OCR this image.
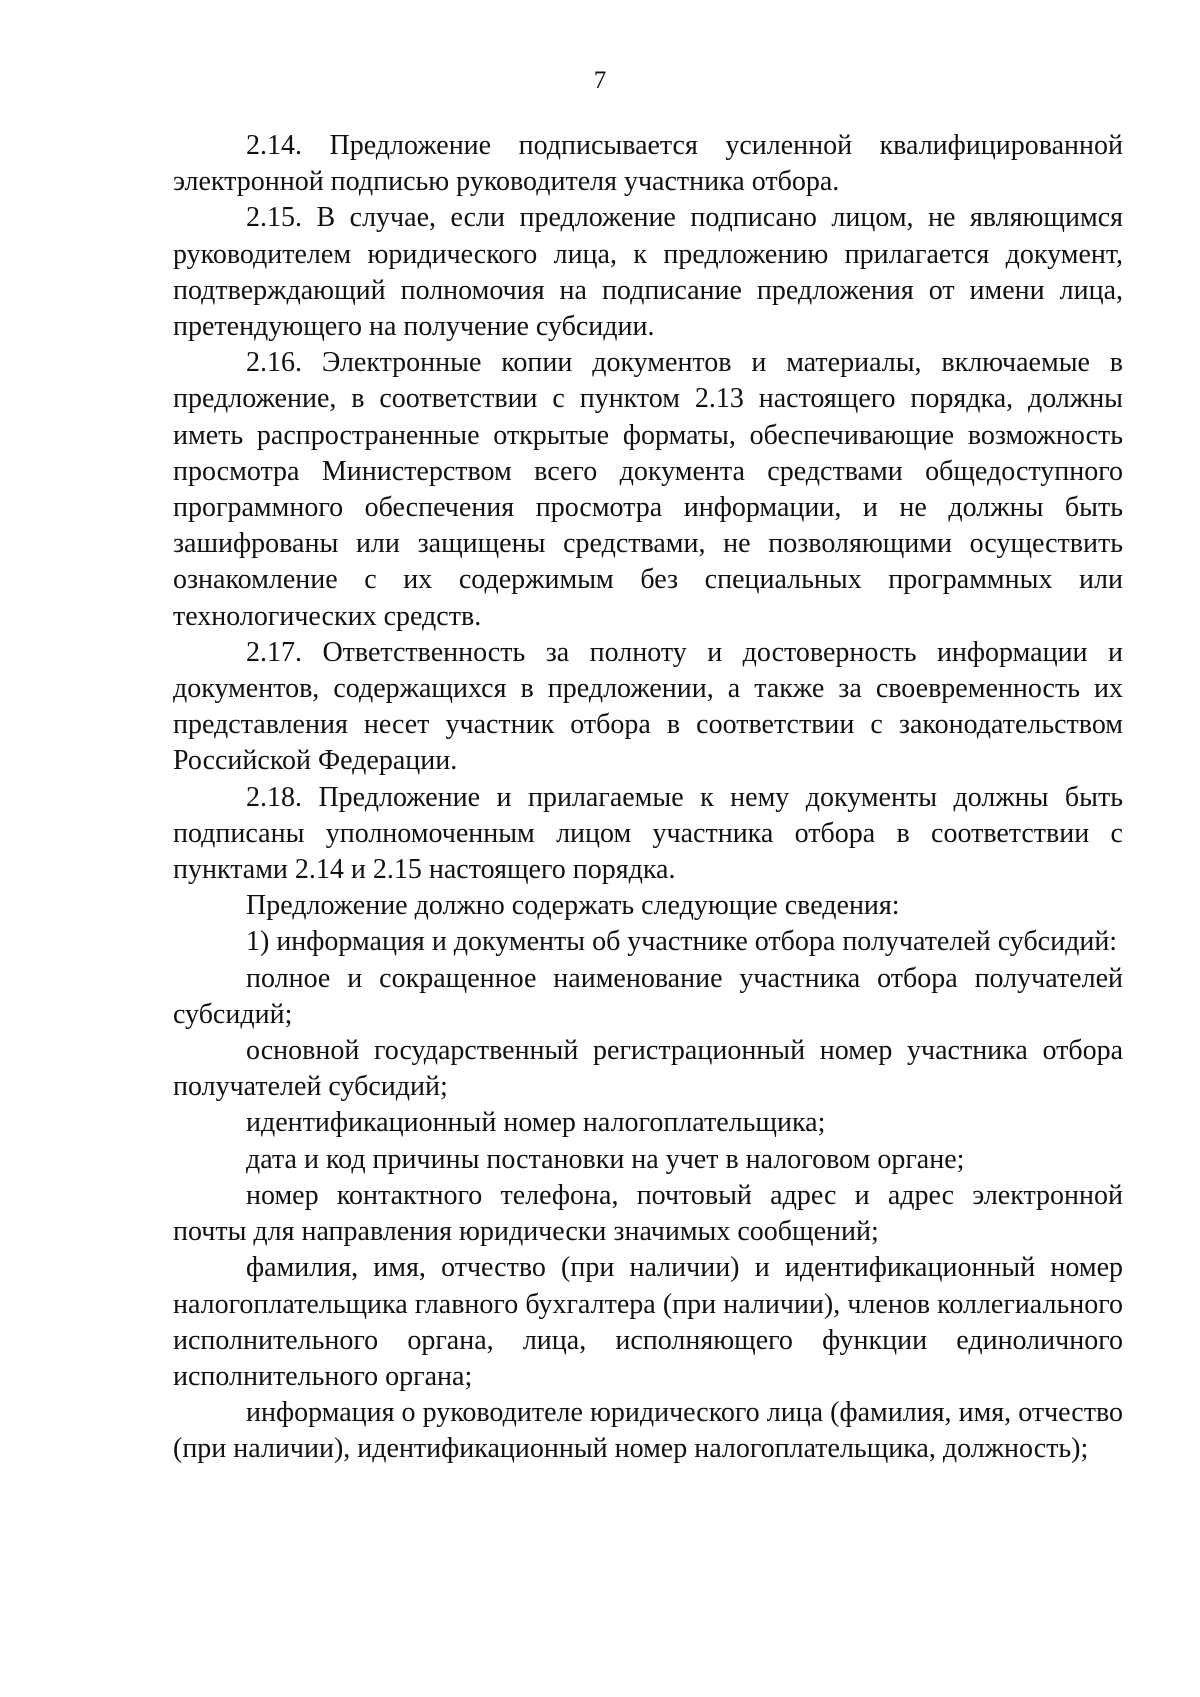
7

2.14. Предложение подписывается усиленной квалифицированной электронной подписью руководителя участника отбора.

2.15. В случае, если предложение подписано лицом, не являющимся руководителем юридического лица, к предложению прилагается документ, подтверждающий полномочия на подписание предложения от имени лица, претендующего на получение субсидии.

2.16. Электронные копии документов и материалы, включаемые в предложение, в соответствии с пунктом 2.13 настоящего порядка, должны иметь распространенные открытые форматы, обеспечивающие возможность просмотра Министерством всего документа средствами общедоступного программного обеспечения просмотра информации, и не должны быть зашифрованы или защищены средствами, не позволяющими осуществить ознакомление с их содержимым без специальных программных или технологических средств.

2.17. Ответственность за полноту и достоверность информации и документов, содержащихся в предложении, а также за своевременность их представления несет участник отбора в соответствии с законодательством Российской Федерации.

2.18. Предложение и прилагаемые к нему документы должны быть подписаны уполномоченным лицом участника отбора в соответствии с пунктами 2.14 и 2.15 настоящего порядка.

Предложение должно содержать следующие сведения:

1) информация и документы об участнике отбора получателей субсидий:

полное и сокращенное наименование участника отбора получателей субсидий;

основной государственный регистрационный номер участника отбора получателей субсидий;

идентификационный номер налогоплательщика;

дата и код причины постановки на учет в налоговом органе;

номер контактного телефона, почтовый адрес и адрес электронной почты для направления юридически значимых сообщений;

фамилия, имя, отчество (при наличии) и идентификационный номер налогоплательщика главного бухгалтера (при наличии), членов коллегиального исполнительного органа, лица, исполняющего функции единоличного исполнительного органа;

информация о руководителе юридического лица (фамилия, имя, отчество (при наличии), идентификационный номер налогоплательщика, должность);
